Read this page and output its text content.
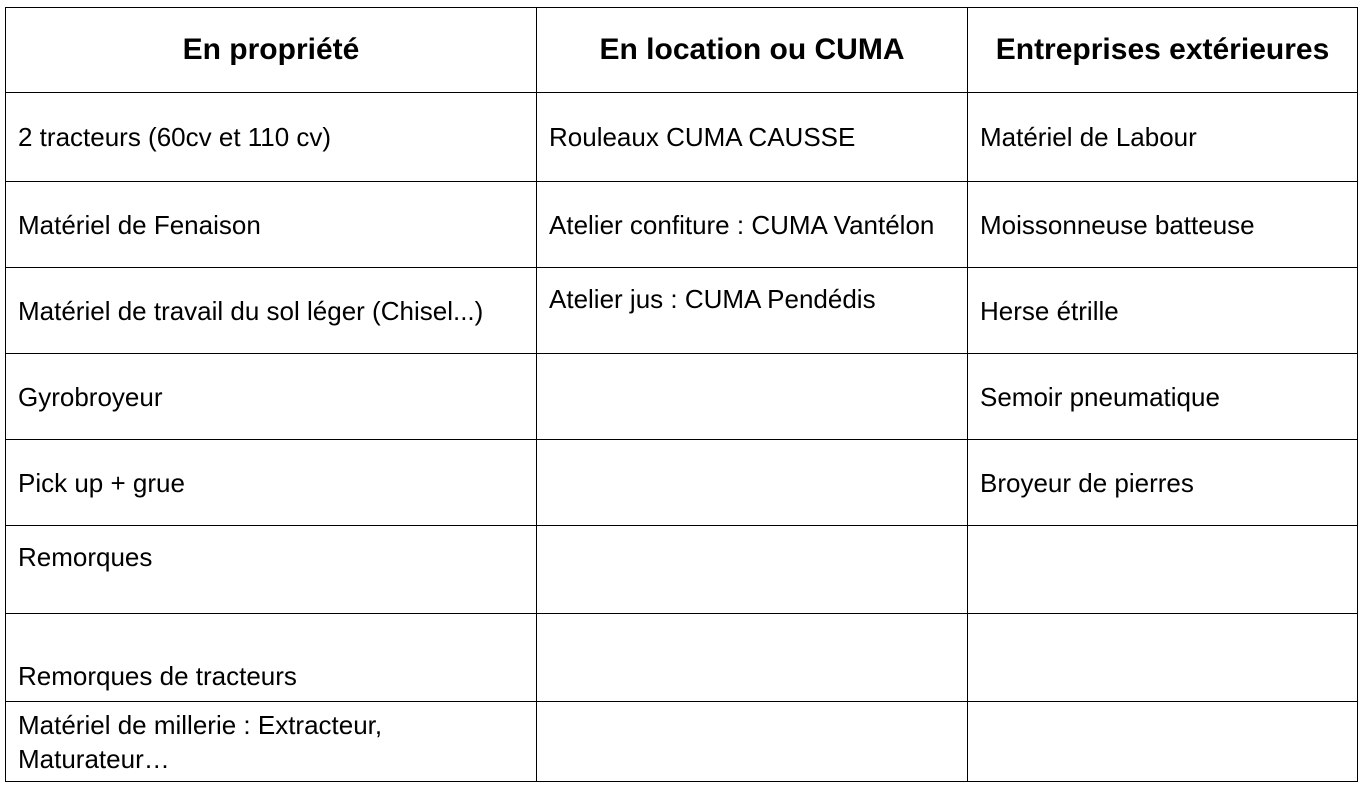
En propriété	En location ou CUMA	Entreprises extérieures
2 tracteurs (60cv et 110 cv)	Rouleaux CUMA CAUSSE	Matériel de Labour
Matériel de Fenaison	Atelier confiture : CUMA Vantélon	Moissonneuse batteuse
Matériel de travail du sol léger (Chisel...)	Atelier jus : CUMA Pendédis	Herse étrille
Gyrobroyeur		Semoir pneumatique
Pick up + grue		Broyeur de pierres
Remorques		
Remorques de tracteurs		
Matériel de millerie : Extracteur, Maturateur…		
